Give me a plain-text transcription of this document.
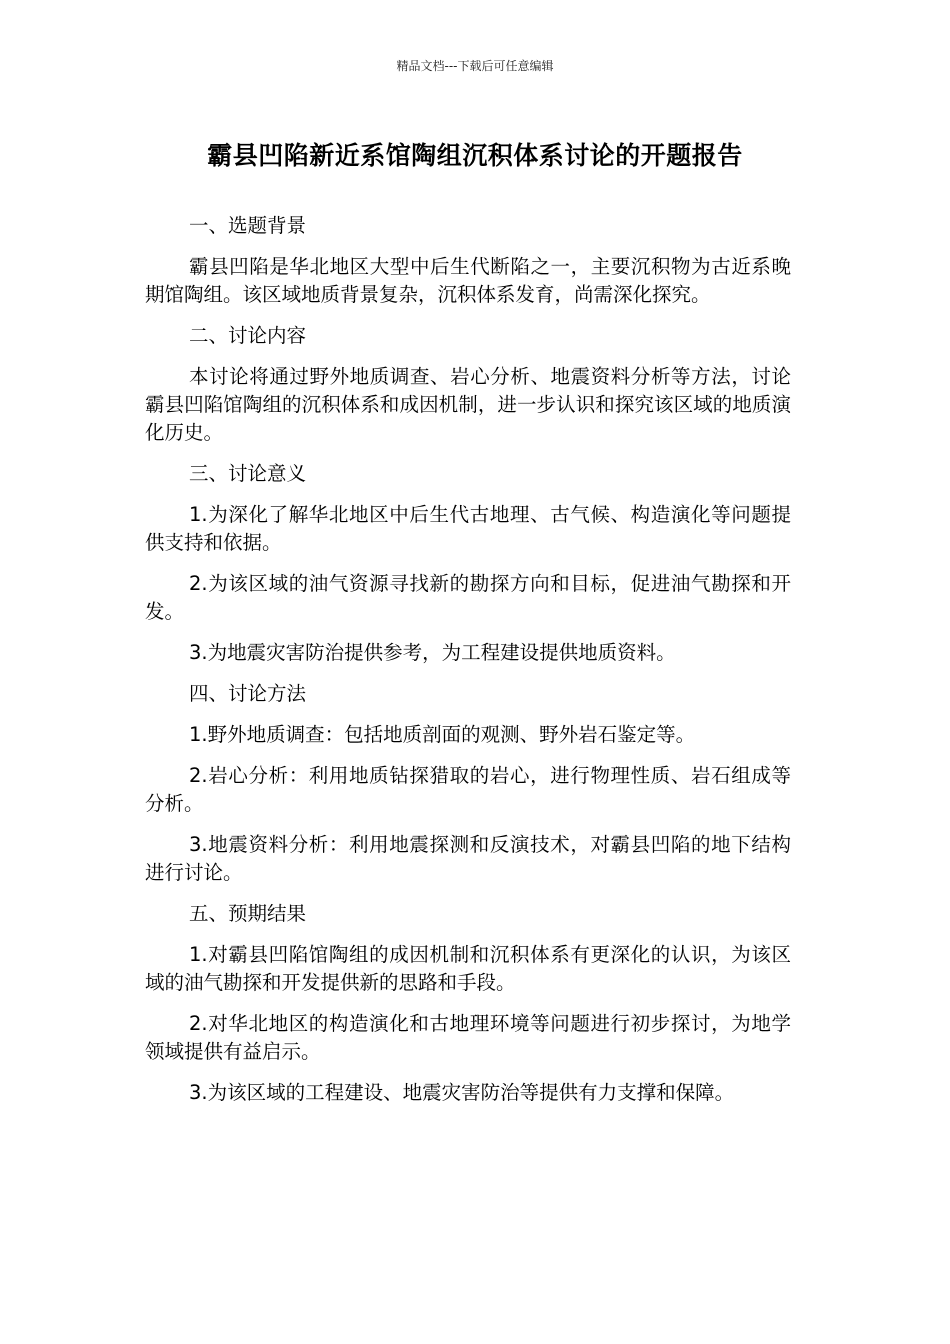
精品文档---下载后可任意编辑
霸县凹陷新近系馆陶组沉积体系讨论的开题报告

一、选题背景

霸县凹陷是华北地区大型中后生代断陷之一，主要沉积物为古近系晚期馆陶组。该区域地质背景复杂，沉积体系发育，尚需深化探究。

二、讨论内容

本讨论将通过野外地质调查、岩心分析、地震资料分析等方法，讨论霸县凹陷馆陶组的沉积体系和成因机制，进一步认识和探究该区域的地质演化历史。

三、讨论意义

1.为深化了解华北地区中后生代古地理、古气候、构造演化等问题提供支持和依据。

2.为该区域的油气资源寻找新的勘探方向和目标，促进油气勘探和开发。

3.为地震灾害防治提供参考，为工程建设提供地质资料。

四、讨论方法

1.野外地质调查：包括地质剖面的观测、野外岩石鉴定等。

2.岩心分析：利用地质钻探猎取的岩心，进行物理性质、岩石组成等分析。

3.地震资料分析：利用地震探测和反演技术，对霸县凹陷的地下结构进行讨论。

五、预期结果

1.对霸县凹陷馆陶组的成因机制和沉积体系有更深化的认识，为该区域的油气勘探和开发提供新的思路和手段。

2.对华北地区的构造演化和古地理环境等问题进行初步探讨，为地学领域提供有益启示。

3.为该区域的工程建设、地震灾害防治等提供有力支撑和保障。
